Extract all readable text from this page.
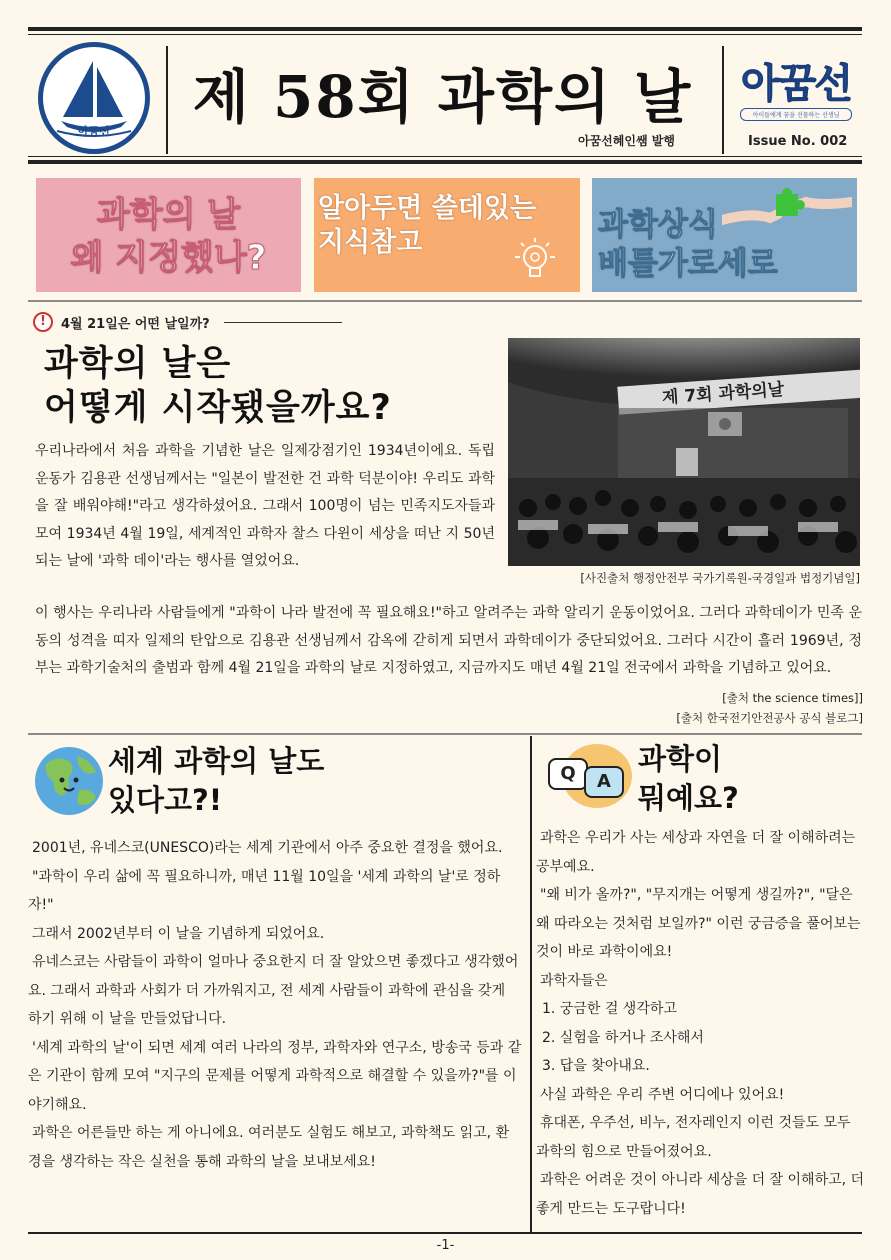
아꿈선
제 58회 과학의 날
아꿈선혜인쌤 발행
아꿈선
아이들에게 꿈을 선물하는 선생님
Issue No. 002
과학의 날
왜 지정했나?
알아두면 쓸데있는
지식참고	과학상식
배틀가로세로
!	4월 21일은 어떤 날일까?
과학의 날은
어떻게 시작됐을까요?	제 7회 과학의날
[사진출처 행정안전부 국가기록원-국경일과 법정기념일]
우리나라에서 처음 과학을 기념한 날은 일제강점기인 1934년이에요. 독립운동가 김용관 선생님께서는 "일본이 발전한 건 과학 덕분이야! 우리도 과학을 잘 배워야해!"라고 생각하셨어요. 그래서 100명이 넘는 민족지도자들과 모여 1934년 4월 19일, 세계적인 과학자 찰스 다윈이 세상을 떠난 지 50년 되는 날에 '과학 데이'라는 행사를 열었어요.
이 행사는 우리나라 사람들에게 "과학이 나라 발전에 꼭 필요해요!"하고 알려주는 과학 알리기 운동이었어요. 그러다 과학데이가 민족 운동의 성격을 띠자 일제의 탄압으로 김용관 선생님께서 감옥에 갇히게 되면서 과학데이가 중단되었어요. 그러다 시간이 흘러 1969년, 정부는 과학기술처의 출범과 함께 4월 21일을 과학의 날로 지정하였고, 지금까지도 매년 4월 21일 전국에서 과학을 기념하고 있어요.
[출처 the science times]]
[출처 한국전기안전공사 공식 블로그]
세계 과학의 날도
있다고?!

2001년, 유네스코(UNESCO)라는 세계 기관에서 아주 중요한 결정을 했어요.

"과학이 우리 삶에 꼭 필요하니까, 매년 11월 10일을 '세계 과학의 날'로 정하자!"

그래서 2002년부터 이 날을 기념하게 되었어요.

유네스코는 사람들이 과학이 얼마나 중요한지 더 잘 알았으면 좋겠다고 생각했어요. 그래서 과학과 사회가 더 가까워지고, 전 세계 사람들이 과학에 관심을 갖게 하기 위해 이 날을 만들었답니다.

'세계 과학의 날'이 되면 세계 여러 나라의 정부, 과학자와 연구소, 방송국 등과 같은 기관이 함께 모여 "지구의 문제를 어떻게 과학적으로 해결할 수 있을까?"를 이야기해요.

과학은 어른들만 하는 게 아니에요. 여러분도 실험도 해보고, 과학책도 읽고, 환경을 생각하는 작은 실천을 통해 과학의 날을 보내보세요!

Q	A
과학이
뭐예요?

과학은 우리가 사는 세상과 자연을 더 잘 이해하려는 공부예요.

"왜 비가 올까?", "무지개는 어떻게 생길까?", "달은 왜 따라오는 것처럼 보일까?" 이런 궁금증을 풀어보는 것이 바로 과학이에요!

과학자들은

1. 궁금한 걸 생각하고

2. 실험을 하거나 조사해서

3. 답을 찾아내요.

사실 과학은 우리 주변 어디에나 있어요!

휴대폰, 우주선, 비누, 전자레인지 이런 것들도 모두 과학의 힘으로 만들어졌어요.

과학은 어려운 것이 아니라 세상을 더 잘 이해하고, 더 좋게 만드는 도구랍니다!

-1-
